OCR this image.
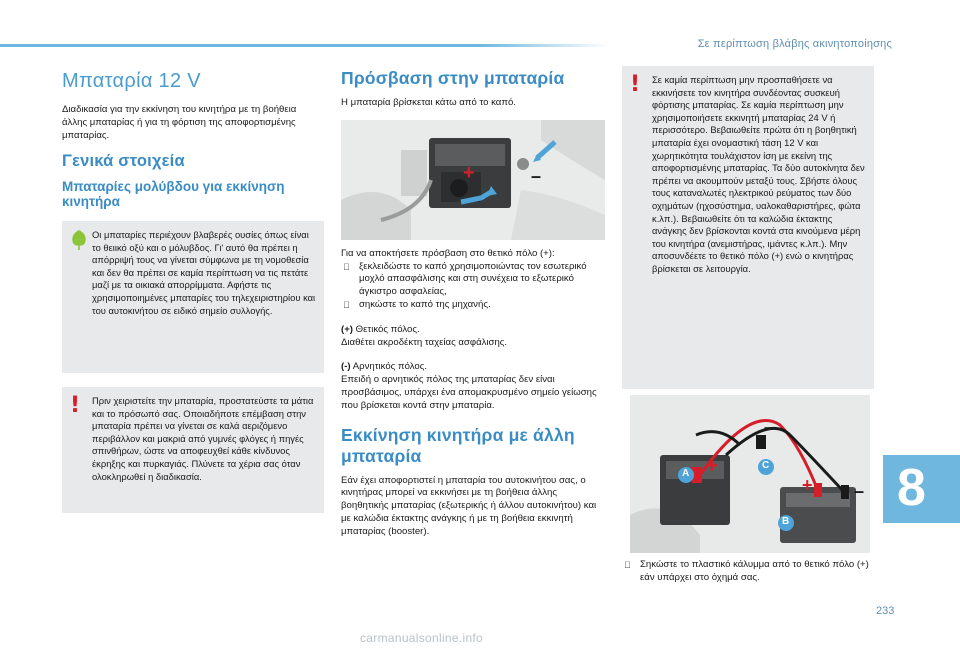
Σε περίπτωση βλάβης ακινητοποίησης
Μπαταρία 12 V

Διαδικασία για την εκκίνηση του κινητήρα με τη βοήθεια άλλης μπαταρίας ή για τη φόρτιση της αποφορτισμένης μπαταρίας.

Γενικά στοιχεία
Μπαταρίες μολύβδου για εκκίνηση κινητήρα

Οι μπαταρίες περιέχουν βλαβερές ουσίες όπως είναι το θειικό οξύ και ο μόλυβδος. Γι' αυτό θα πρέπει η απόρριψή τους να γίνεται σύμφωνα με τη νομοθεσία και δεν θα πρέπει σε καμία περίπτωση να τις πετάτε μαζί με τα οικιακά απορρίμματα. Αφήστε τις χρησιμοποιημένες μπαταρίες του τηλεχειριστηρίου και του αυτοκινήτου σε ειδικό σημείο συλλογής.

! Πριν χειριστείτε την μπαταρία, προστατεύστε τα μάτια και το πρόσωπό σας. Οποιαδήποτε επέμβαση στην μπαταρία πρέπει να γίνεται σε καλά αεριζόμενο περιβάλλον και μακριά από γυμνές φλόγες ή πηγές σπινθήρων, ώστε να αποφευχθεί κάθε κίνδυνος έκρηξης και πυρκαγιάς. Πλύνετε τα χέρια σας όταν ολοκληρωθεί η διαδικασία.

Πρόσβαση στην μπαταρία

Η μπαταρία βρίσκεται κάτω από το καπό.

+	–

Για να αποκτήσετε πρόσβαση στο θετικό πόλο (+):

ξεκλειδώστε το καπό χρησιμοποιώντας τον εσωτερικό μοχλό απασφάλισης και στη συνέχεια το εξωτερικό άγκιστρο ασφαλείας,
σηκώστε το καπό της μηχανής.

(+) Θετικός πόλος.
Διαθέτει ακροδέκτη ταχείας ασφάλισης.

(-) Αρνητικός πόλος.
Επειδή ο αρνητικός πόλος της μπαταρίας δεν είναι προσβάσιμος, υπάρχει ένα απομακρυσμένο σημείο γείωσης που βρίσκεται κοντά στην μπαταρία.

Εκκίνηση κινητήρα με άλλη μπαταρία

Εάν έχει αποφορτιστεί η μπαταρία του αυτοκινήτου σας, ο κινητήρας μπορεί να εκκινήσει με τη βοήθεια άλλης βοηθητικής μπαταρίας (εξωτερικής ή άλλου αυτοκινήτου) και με καλώδια έκτακτης ανάγκης ή με τη βοήθεια εκκινητή μπαταρίας (booster).

! Σε καμία περίπτωση μην προσπαθήσετε να εκκινήσετε τον κινητήρα συνδέοντας συσκευή φόρτισης μπαταρίας. Σε καμία περίπτωση μην χρησιμοποιήσετε εκκινητή μπαταρίας 24 V ή περισσότερο. Βεβαιωθείτε πρώτα ότι η βοηθητική μπαταρία έχει ονομαστική τάση 12 V και χωρητικότητα τουλάχιστον ίση με εκείνη της αποφορτισμένης μπαταρίας. Τα δύο αυτοκίνητα δεν πρέπει να ακουμπούν μεταξύ τους. Σβήστε όλους τους καταναλωτές ηλεκτρικού ρεύματος των δύο οχημάτων (ηχοσύστημα, υαλοκαθαριστήρες, φώτα κ.λπ.). Βεβαιωθείτε ότι τα καλώδια έκτακτης ανάγκης δεν βρίσκονται κοντά στα κινούμενα μέρη του κινητήρα (ανεμιστήρας, ιμάντες κ.λπ.). Μην αποσυνδέετε το θετικό πόλο (+) ενώ ο κινητήρας βρίσκεται σε λειτουργία.

A
C
B
+
+ –
–
Σηκώστε το πλαστικό κάλυμμα από το θετικό πόλο (+) εάν υπάρχει στο όχημά σας.
8
233
carmanualsonline.info
